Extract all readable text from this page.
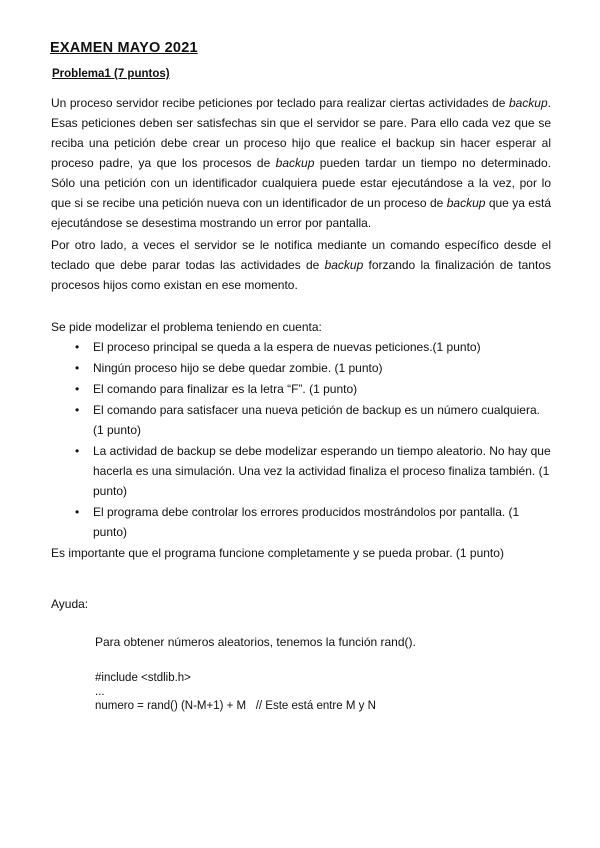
EXAMEN MAYO 2021
Problema1 (7 puntos)

Un proceso servidor recibe peticiones por teclado para realizar ciertas actividades de backup. Esas peticiones deben ser satisfechas sin que el servidor se pare. Para ello cada vez que se reciba una petición debe crear un proceso hijo que realice el backup sin hacer esperar al proceso padre, ya que los procesos de backup pueden tardar un tiempo no determinado. Sólo una petición con un identificador cualquiera puede estar ejecutándose a la vez, por lo que si se recibe una petición nueva con un identificador de un proceso de backup que ya está ejecutándose se desestima mostrando un error por pantalla.

Por otro lado, a veces el servidor se le notifica mediante un comando específico desde el teclado que debe parar todas las actividades de backup forzando la finalización de tantos procesos hijos como existan en ese momento.

Se pide modelizar el problema teniendo en cuenta:
• El proceso principal se queda a la espera de nuevas peticiones.(1 punto)
• Ningún proceso hijo se debe quedar zombie. (1 punto)
• El comando para finalizar es la letra “F”. (1 punto)
• El comando para satisfacer una nueva petición de backup es un número cualquiera. (1 punto)
• La actividad de backup se debe modelizar esperando un tiempo aleatorio. No hay que hacerla es una simulación. Una vez la actividad finaliza el proceso finaliza también. (1 punto)
• El programa debe controlar los errores producidos mostrándolos por pantalla. (1 punto)
Es importante que el programa funcione completamente y se pueda probar. (1 punto)
Ayuda:
Para obtener números aleatorios, tenemos la función rand().
#include <stdlib.h>
...
numero = rand() (N-M+1) + M   // Este está entre M y N
